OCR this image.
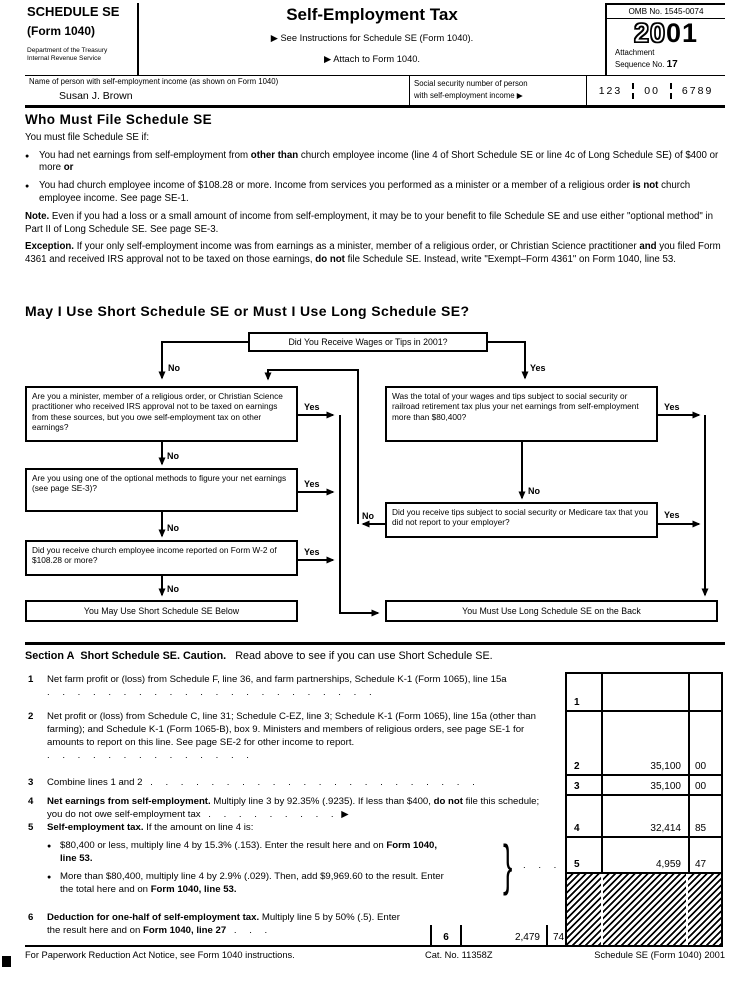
SCHEDULE SE
(Form 1040)
Department of the Treasury
Internal Revenue Service
Self-Employment Tax
▶ See Instructions for Schedule SE (Form 1040).
▶ Attach to Form 1040.
OMB No. 1545-0074
2001
Attachment
Sequence No. 17
Name of person with self-employment income (as shown on Form 1040)
Susan J. Brown
Social security number of person
with self-employment income ▶	123	00	6789
Who Must File Schedule SE
You must file Schedule SE if:
●	You had net earnings from self-employment from other than church employee income (line 4 of Short Schedule SE or line 4c of Long Schedule SE) of $400 or more or
●	You had church employee income of $108.28 or more. Income from services you performed as a minister or a member of a religious order is not church employee income. See page SE-1.
Note. Even if you had a loss or a small amount of income from self-employment, it may be to your benefit to file Schedule SE and use either "optional method" in Part II of Long Schedule SE. See page SE-3.
Exception. If your only self-employment income was from earnings as a minister, member of a religious order, or Christian Science practitioner and you filed Form 4361 and received IRS approval not to be taxed on those earnings, do not file Schedule SE. Instead, write "Exempt–Form 4361" on Form 1040, line 53.
May I Use Short Schedule SE or Must I Use Long Schedule SE?
No	Yes
Yes
Yes
Yes
No
No
No
Yes
Yes
No
No
Did You Receive Wages or Tips in 2001?
Are you a minister, member of a religious order, or Christian Science practitioner who received IRS approval not to be taxed on earnings from these sources, but you owe self-employment tax on other earnings?
Was the total of your wages and tips subject to social security or railroad retirement tax plus your net earnings from self-employment more than $80,400?
Are you using one of the optional methods to figure your net earnings (see page SE-3)?
Did you receive tips subject to social security or Medicare tax that you did not report to your employer?
Did you receive church employee income reported on Form W-2 of $108.28 or more?
You May Use Short Schedule SE Below	You Must Use Long Schedule SE on the Back
Section A Short Schedule SE. Caution. Read above to see if you can use Short Schedule SE.
1	Net farm profit or (loss) from Schedule F, line 36, and farm partnerships, Schedule K-1 (Form 1065), line 15a . . . . . . . . . . . . . . . . . . . . . .
2	Net profit or (loss) from Schedule C, line 31; Schedule C-EZ, line 3; Schedule K-1 (Form 1065), line 15a (other than farming); and Schedule K-1 (Form 1065-B), box 9. Ministers and members of religious orders, see page SE-1 for amounts to report on this line. See page SE-2 for other income to report. . . . . . . . . . . . . . .
3	Combine lines 1 and 2 . . . . . . . . . . . . . . . . . . . . . .
4	Net earnings from self-employment. Multiply line 3 by 92.35% (.9235). If less than $400, do not file this schedule; you do not owe self-employment tax . . . . . . . . . ▶
5	Self-employment tax. If the amount on line 4 is:
● $80,400 or less, multiply line 4 by 15.3% (.153). Enter the result here and on Form 1040, line 53.
● More than $80,400, multiply line 4 by 2.9% (.029). Then, add $9,969.60 to the result. Enter the total here and on Form 1040, line 53.	} . . .
6	Deduction for one-half of self-employment tax. Multiply line 5 by 50% (.5). Enter the result here and on Form 1040, line 27 . . .
6	2,479	74
1
2	35,100	00
3	35,100	00
4	32,414	85
5	4,959	47
For Paperwork Reduction Act Notice, see Form 1040 instructions.	Cat. No. 11358Z	Schedule SE (Form 1040) 2001
